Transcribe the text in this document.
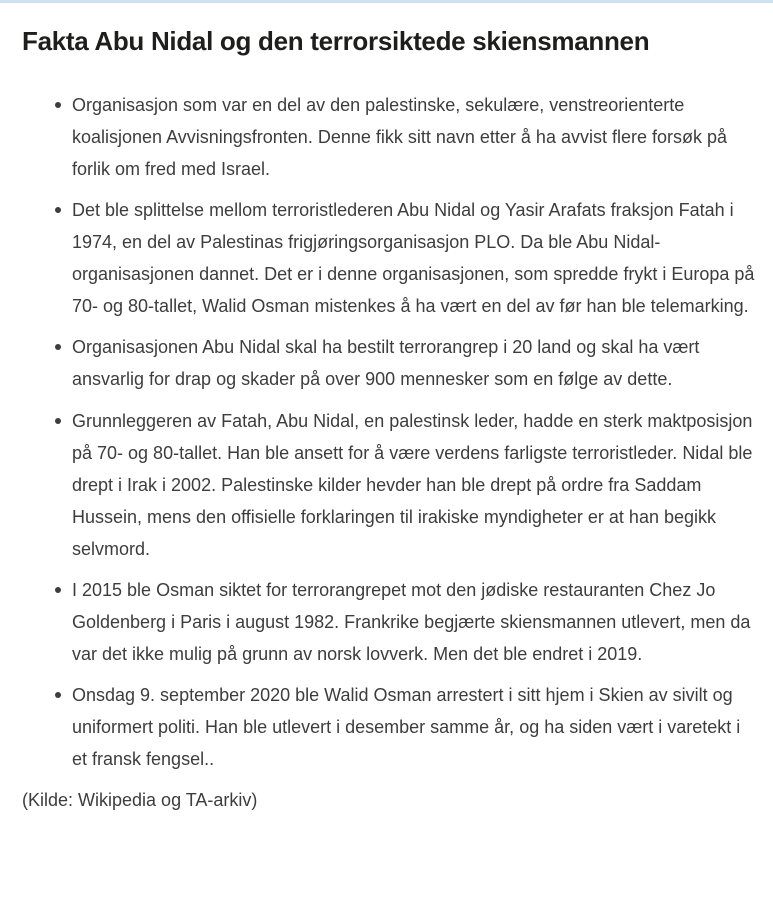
Fakta Abu Nidal og den terrorsiktede skiensmannen
Organisasjon som var en del av den palestinske, sekulære, venstreorienterte koalisjonen Avvisningsfronten. Denne fikk sitt navn etter å ha avvist flere forsøk på forlik om fred med Israel.
Det ble splittelse mellom terroristlederen Abu Nidal og Yasir Arafats fraksjon Fatah i 1974, en del av Palestinas frigjøringsorganisasjon PLO. Da ble Abu Nidal-organisasjonen dannet. Det er i denne organisasjonen, som spredde frykt i Europa på 70- og 80-tallet, Walid Osman mistenkes å ha vært en del av før han ble telemarking.
Organisasjonen Abu Nidal skal ha bestilt terrorangrep i 20 land og skal ha vært ansvarlig for drap og skader på over 900 mennesker som en følge av dette.
Grunnleggeren av Fatah, Abu Nidal, en palestinsk leder, hadde en sterk maktposisjon på 70- og 80-tallet. Han ble ansett for å være verdens farligste terroristleder. Nidal ble drept i Irak i 2002. Palestinske kilder hevder han ble drept på ordre fra Saddam Hussein, mens den offisielle forklaringen til irakiske myndigheter er at han begikk selvmord.
I 2015 ble Osman siktet for terrorangrepet mot den jødiske restauranten Chez Jo Goldenberg i Paris i august 1982. Frankrike begjærte skiensmannen utlevert, men da var det ikke mulig på grunn av norsk lovverk. Men det ble endret i 2019.
Onsdag 9. september 2020 ble Walid Osman arrestert i sitt hjem i Skien av sivilt og uniformert politi. Han ble utlevert i desember samme år, og ha siden vært i varetekt i et fransk fengsel..

(Kilde: Wikipedia og TA-arkiv)
